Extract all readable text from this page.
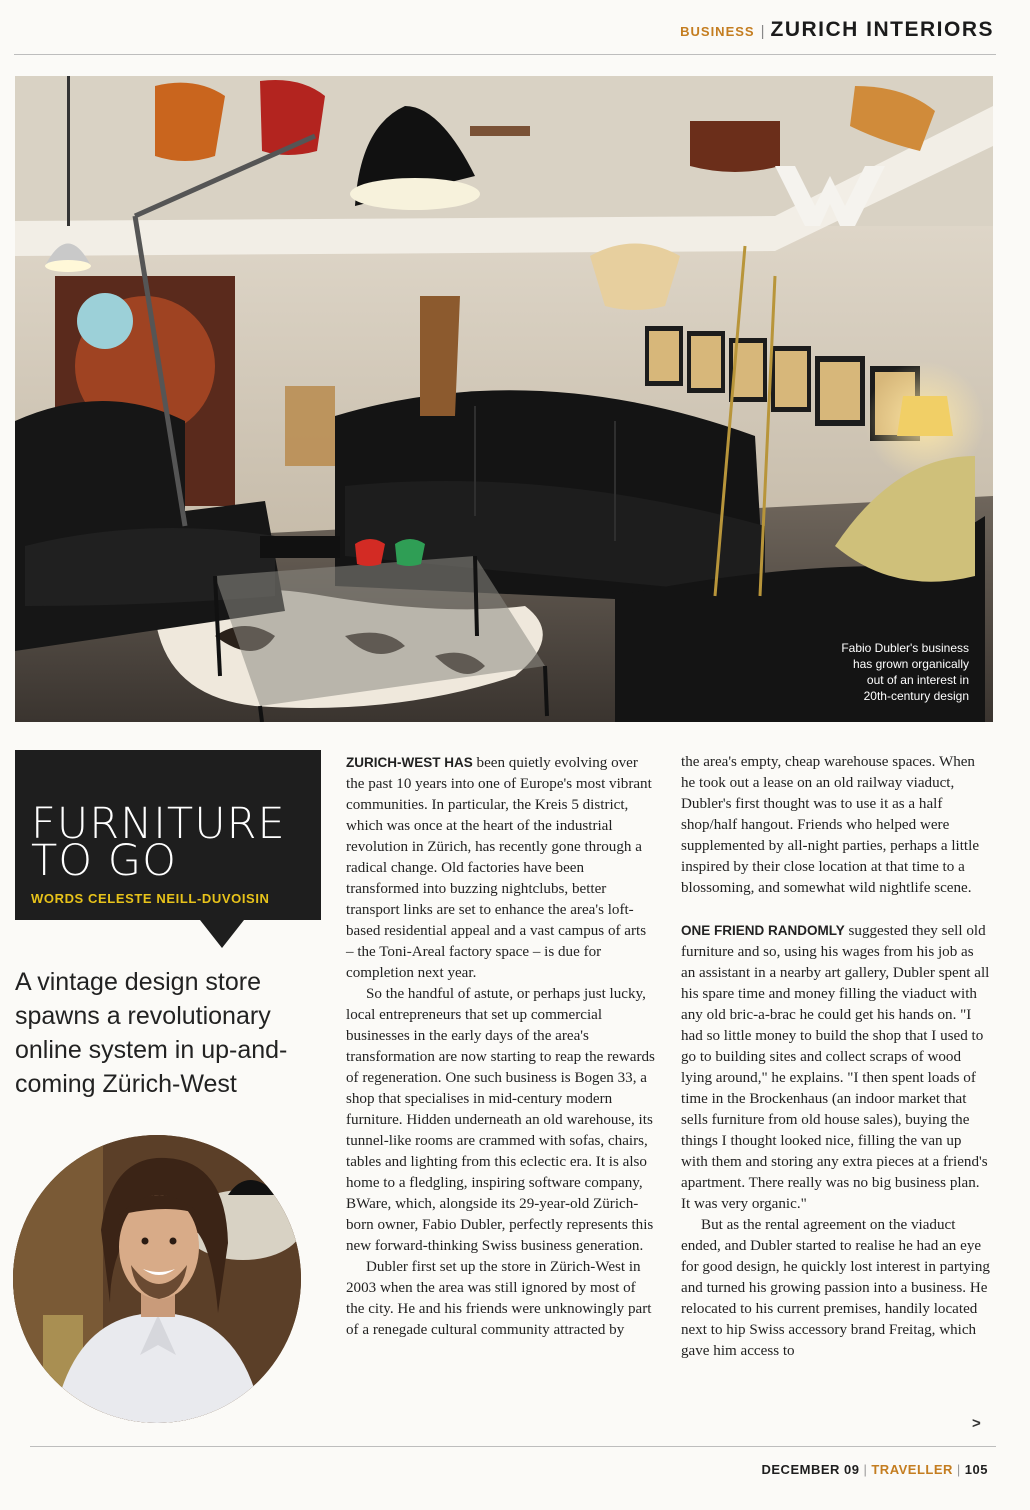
BUSINESS | ZURICH INTERIORS
Fabio Dubler's business
has grown organically
out of an interest in
20th-century design
FURNITURE
TO GO
WORDS CELESTE NEILL-DUVOISIN
A vintage design store spawns a revolutionary online system in up-and-coming Zürich-West

ZURICH-WEST HAS been quietly evolving over the past 10 years into one of Europe's most vibrant communities. In particular, the Kreis 5 district, which was once at the heart of the industrial revolution in Zürich, has recently gone through a radical change. Old factories have been transformed into buzzing nightclubs, better transport links are set to enhance the area's loft-based residential appeal and a vast campus of arts – the Toni-Areal factory space – is due for completion next year.

So the handful of astute, or perhaps just lucky, local entrepreneurs that set up commercial businesses in the early days of the area's transformation are now starting to reap the rewards of regeneration. One such business is Bogen 33, a shop that specialises in mid-century modern furniture. Hidden underneath an old warehouse, its tunnel-like rooms are crammed with sofas, chairs, tables and lighting from this eclectic era. It is also home to a fledgling, inspiring software company, BWare, which, alongside its 29-year-old Zürich-born owner, Fabio Dubler, perfectly represents this new forward-thinking Swiss business generation.

Dubler first set up the store in Zürich-West in 2003 when the area was still ignored by most of the city. He and his friends were unknowingly part of a renegade cultural community attracted by

the area's empty, cheap warehouse spaces. When he took out a lease on an old railway viaduct, Dubler's first thought was to use it as a half shop/half hangout. Friends who helped were supplemented by all-night parties, perhaps a little inspired by their close location at that time to a blossoming, and somewhat wild nightlife scene.

ONE FRIEND RANDOMLY suggested they sell old furniture and so, using his wages from his job as an assistant in a nearby art gallery, Dubler spent all his spare time and money filling the viaduct with any old bric-a-brac he could get his hands on. "I had so little money to build the shop that I used to go to building sites and collect scraps of wood lying around," he explains. "I then spent loads of time in the Brockenhaus (an indoor market that sells furniture from old house sales), buying the things I thought looked nice, filling the van up with them and storing any extra pieces at a friend's apartment. There really was no big business plan. It was very organic."

But as the rental agreement on the viaduct ended, and Dubler started to realise he had an eye for good design, he quickly lost interest in partying and turned his growing passion into a business. He relocated to his current premises, handily located next to hip Swiss accessory brand Freitag, which gave him access to

>
DECEMBER 09 | TRAVELLER | 105
